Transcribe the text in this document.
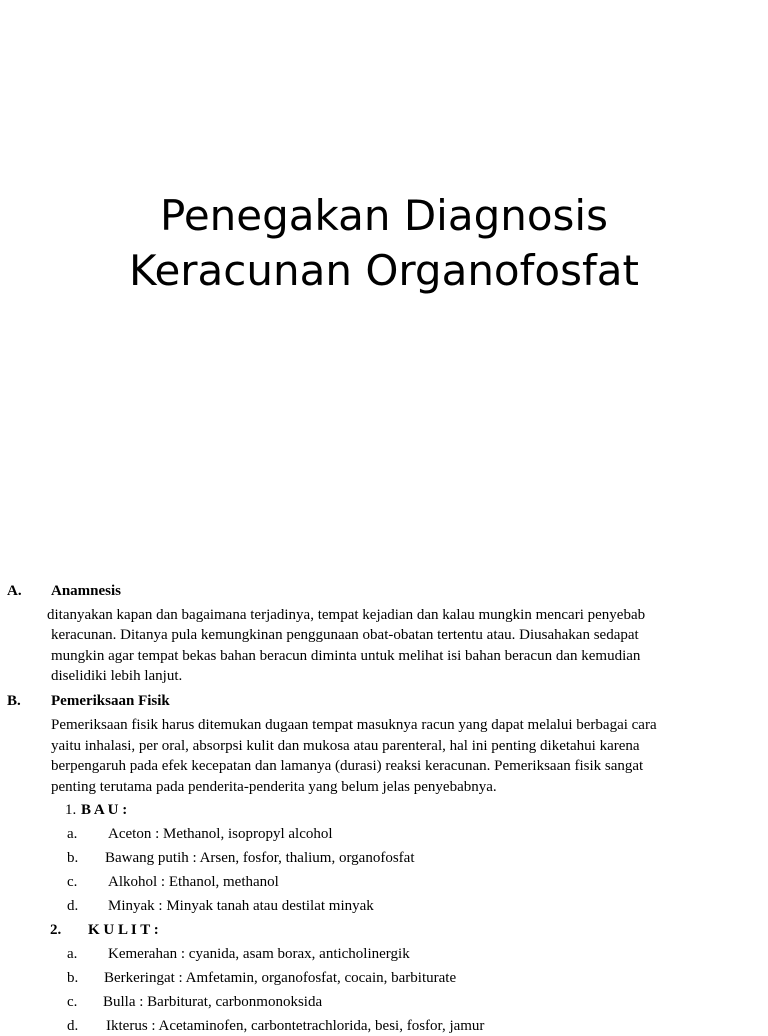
Penegakan Diagnosis
Keracunan Organofosfat
A. Anamnesis
ditanyakan kapan dan bagaimana terjadinya, tempat kejadian dan kalau mungkin mencari penyebab
keracunan. Ditanya pula kemungkinan penggunaan obat-obatan tertentu atau. Diusahakan sedapat
mungkin agar tempat bekas bahan beracun diminta untuk melihat isi bahan beracun dan kemudian
diselidiki lebih lanjut.
B. Pemeriksaan Fisik
Pemeriksaan fisik harus ditemukan dugaan tempat masuknya racun yang dapat melalui berbagai cara
yaitu inhalasi, per oral, absorpsi kulit dan mukosa atau parenteral, hal ini penting diketahui karena
berpengaruh pada efek kecepatan dan lamanya (durasi) reaksi keracunan. Pemeriksaan fisik sangat
penting terutama pada penderita-penderita yang belum jelas penyebabnya.
1. B A U :
a. Aceton : Methanol, isopropyl alcohol
b. Bawang putih : Arsen, fosfor, thalium, organofosfat
c. Alkohol : Ethanol, methanol
d. Minyak : Minyak tanah atau destilat minyak
2. K U L I T :
a. Kemerahan : cyanida, asam borax, anticholinergik
b. Berkeringat : Amfetamin, organofosfat, cocain, barbiturate
c. Bulla : Barbiturat, carbonmonoksida
d. Ikterus : Acetaminofen, carbontetrachlorida, besi, fosfor, jamur
